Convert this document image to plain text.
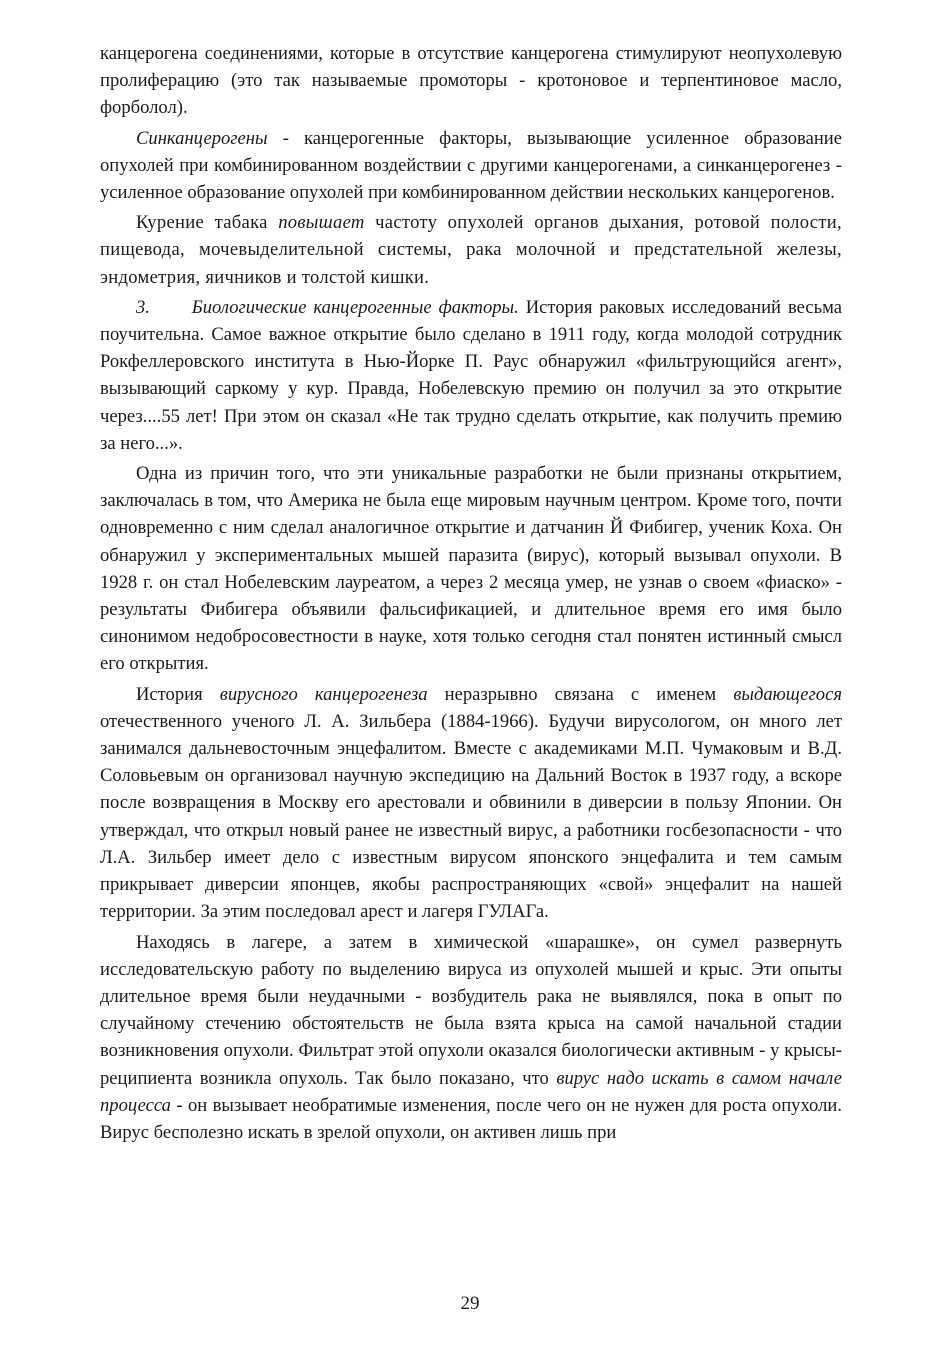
канцерогена соединениями, которые в отсутствие канцерогена стимулируют неопухолевую пролиферацию (это так называемые промоторы - кротоновое и терпентиновое масло, форболол).

Синканцерогены - канцерогенные факторы, вызывающие усиленное образование опухолей при комбинированном воздействии с другими канцерогенами, а синканцерогенез - усиленное образование опухолей при комбинированном действии нескольких канцерогенов.

Курение табака повышает частоту опухолей органов дыхания, ротовой полости, пищевода, мочевыделительной системы, рака молочной и предстательной железы, эндометрия, яичников и толстой кишки.

3. Биологические канцерогенные факторы. История раковых исследований весьма поучительна. Самое важное открытие было сделано в 1911 году, когда молодой сотрудник Рокфеллеровского института в Нью-Йорке П. Раус обнаружил «фильтрующийся агент», вызывающий саркому у кур. Правда, Нобелевскую премию он получил за это открытие через....55 лет! При этом он сказал «Не так трудно сделать открытие, как получить премию за него...».

Одна из причин того, что эти уникальные разработки не были признаны открытием, заключалась в том, что Америка не была еще мировым научным центром. Кроме того, почти одновременно с ним сделал аналогичное открытие и датчанин Й Фибигер, ученик Коха. Он обнаружил у экспериментальных мышей паразита (вирус), который вызывал опухоли. В 1928 г. он стал Нобелевским лауреатом, а через 2 месяца умер, не узнав о своем «фиаско» - результаты Фибигера объявили фальсификацией, и длительное время его имя было синонимом недобросовестности в науке, хотя только сегодня стал понятен истинный смысл его открытия.

История вирусного канцерогенеза неразрывно связана с именем выдающегося отечественного ученого Л. А. Зильбера (1884-1966). Будучи вирусологом, он много лет занимался дальневосточным энцефалитом. Вместе с академиками М.П. Чумаковым и В.Д. Соловьевым он организовал научную экспедицию на Дальний Восток в 1937 году, а вскоре после возвращения в Москву его арестовали и обвинили в диверсии в пользу Японии. Он утверждал, что открыл новый ранее не известный вирус, а работники госбезопасности - что Л.А. Зильбер имеет дело с известным вирусом японского энцефалита и тем самым прикрывает диверсии японцев, якобы распространяющих «свой» энцефалит на нашей территории. За этим последовал арест и лагеря ГУЛАГа.

Находясь в лагере, а затем в химической «шарашке», он сумел развернуть исследовательскую работу по выделению вируса из опухолей мышей и крыс. Эти опыты длительное время были неудачными - возбудитель рака не выявлялся, пока в опыт по случайному стечению обстоятельств не была взята крыса на самой начальной стадии возникновения опухоли. Фильтрат этой опухоли оказался биологически активным - у крысы-реципиента возникла опухоль. Так было показано, что вирус надо искать в самом начале процесса - он вызывает необратимые изменения, после чего он не нужен для роста опухоли. Вирус бесполезно искать в зрелой опухоли, он активен лишь при

29
